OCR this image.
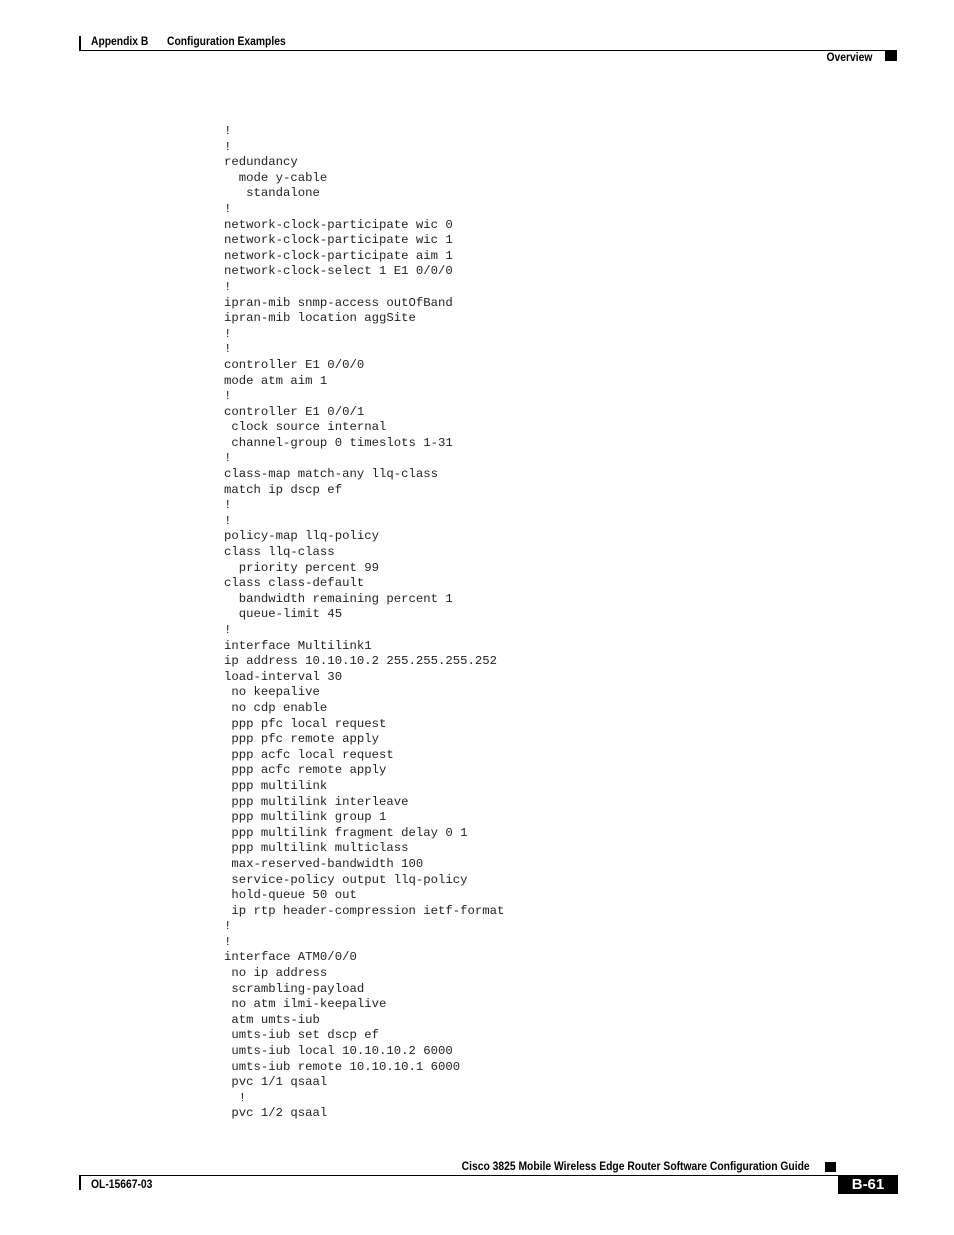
Appendix B Configuration Examples
Overview
!
!
redundancy
mode y-cable
standalone
!
network-clock-participate wic 0
network-clock-participate wic 1
network-clock-participate aim 1
network-clock-select 1 E1 0/0/0
!
ipran-mib snmp-access outOfBand
ipran-mib location aggSite
!
!
controller E1 0/0/0
mode atm aim 1
!
controller E1 0/0/1
clock source internal
channel-group 0 timeslots 1-31
!
class-map match-any llq-class
match ip dscp ef
!
!
policy-map llq-policy
class llq-class
priority percent 99
class class-default
bandwidth remaining percent 1
queue-limit 45
!
interface Multilink1
ip address 10.10.10.2 255.255.255.252
load-interval 30
no keepalive
no cdp enable
ppp pfc local request
ppp pfc remote apply
ppp acfc local request
ppp acfc remote apply
ppp multilink
ppp multilink interleave
ppp multilink group 1
ppp multilink fragment delay 0 1
ppp multilink multiclass
max-reserved-bandwidth 100
service-policy output llq-policy
hold-queue 50 out
ip rtp header-compression ietf-format
!
!
interface ATM0/0/0
no ip address
scrambling-payload
no atm ilmi-keepalive
atm umts-iub
umts-iub set dscp ef
umts-iub local 10.10.10.2 6000
umts-iub remote 10.10.10.1 6000
pvc 1/1 qsaal
!
pvc 1/2 qsaal

Cisco 3825 Mobile Wireless Edge Router Software Configuration Guide
OL-15667-03	B-61
